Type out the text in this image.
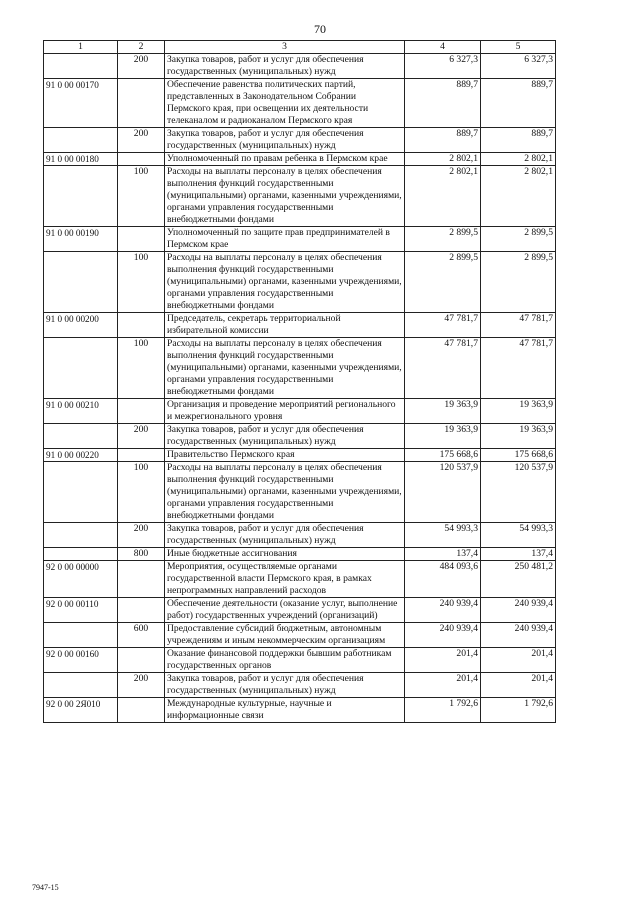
70
1	2	3	4	5
	200	Закупка товаров, работ и услуг для обеспечения государственных (муниципальных) нужд	6 327,3	6 327,3
91 0 00 00170		Обеспечение равенства политических партий, представленных в Законодательном Собрании Пермского края, при освещении их деятельности телеканалом и радиоканалом Пермского края	889,7	889,7
	200	Закупка товаров, работ и услуг для обеспечения государственных (муниципальных) нужд	889,7	889,7
91 0 00 00180		Уполномоченный по правам ребенка в Пермском крае	2 802,1	2 802,1
	100	Расходы на выплаты персоналу в целях обеспечения выполнения функций государственными (муниципальными) органами, казенными учреждениями, органами управления государственными внебюджетными фондами	2 802,1	2 802,1
91 0 00 00190		Уполномоченный по защите прав предпринимателей в Пермском крае	2 899,5	2 899,5
	100	Расходы на выплаты персоналу в целях обеспечения выполнения функций государственными (муниципальными) органами, казенными учреждениями, органами управления государственными внебюджетными фондами	2 899,5	2 899,5
91 0 00 00200		Председатель, секретарь территориальной избирательной комиссии	47 781,7	47 781,7
	100	Расходы на выплаты персоналу в целях обеспечения выполнения функций государственными (муниципальными) органами, казенными учреждениями, органами управления государственными внебюджетными фондами	47 781,7	47 781,7
91 0 00 00210		Организация и проведение мероприятий регионального и межрегионального уровня	19 363,9	19 363,9
	200	Закупка товаров, работ и услуг для обеспечения государственных (муниципальных) нужд	19 363,9	19 363,9
91 0 00 00220		Правительство Пермского края	175 668,6	175 668,6
	100	Расходы на выплаты персоналу в целях обеспечения выполнения функций государственными (муниципальными) органами, казенными учреждениями, органами управления государственными внебюджетными фондами	120 537,9	120 537,9
	200	Закупка товаров, работ и услуг для обеспечения государственных (муниципальных) нужд	54 993,3	54 993,3
	800	Иные бюджетные ассигнования	137,4	137,4
92 0 00 00000		Мероприятия, осуществляемые органами государственной власти Пермского края, в рамках непрограммных направлений расходов	484 093,6	250 481,2
92 0 00 00110		Обеспечение деятельности (оказание услуг, выполнение работ) государственных учреждений (организаций)	240 939,4	240 939,4
	600	Предоставление субсидий бюджетным, автономным учреждениям и иным некоммерческим организациям	240 939,4	240 939,4
92 0 00 00160		Оказание финансовой поддержки бывшим работникам государственных органов	201,4	201,4
	200	Закупка товаров, работ и услуг для обеспечения государственных (муниципальных) нужд	201,4	201,4
92 0 00 2Я010		Международные культурные, научные и информационные связи	1 792,6	1 792,6
7947-15
